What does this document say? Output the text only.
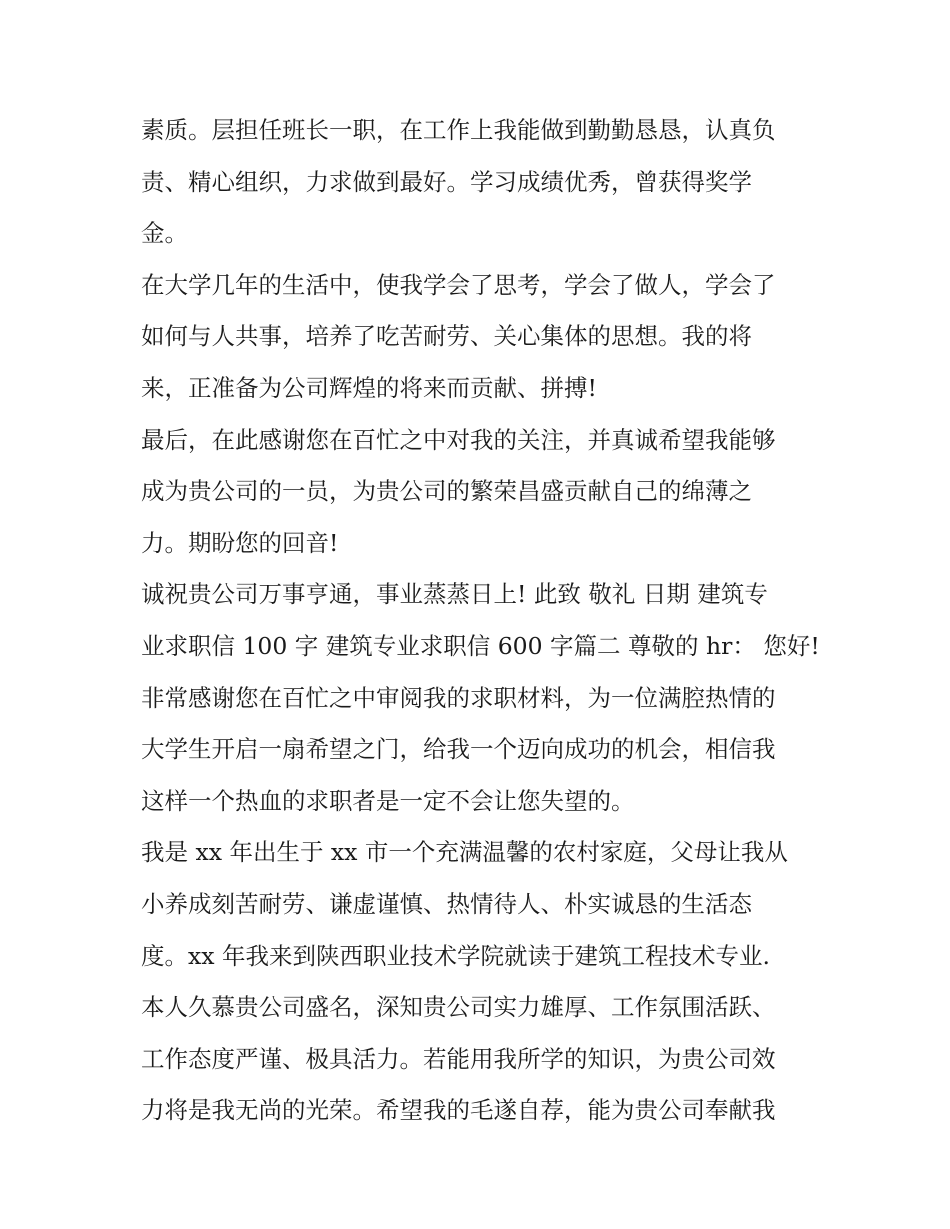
素质。层担任班长一职，在工作上我能做到勤勤恳恳，认真负
责、精心组织，力求做到最好。学习成绩优秀，曾获得奖学
金。
在大学几年的生活中，使我学会了思考，学会了做人，学会了
如何与人共事，培养了吃苦耐劳、关心集体的思想。我的将
来，正准备为公司辉煌的将来而贡献、拼搏!
最后，在此感谢您在百忙之中对我的关注，并真诚希望我能够
成为贵公司的一员，为贵公司的繁荣昌盛贡献自己的绵薄之
力。期盼您的回音!
诚祝贵公司万事亨通，事业蒸蒸日上! 此致 敬礼 日期 建筑专
业求职信 100 字 建筑专业求职信 600 字篇二 尊敬的 hr： 您好!
非常感谢您在百忙之中审阅我的求职材料，为一位满腔热情的
大学生开启一扇希望之门，给我一个迈向成功的机会，相信我
这样一个热血的求职者是一定不会让您失望的。
我是 xx 年出生于 xx 市一个充满温馨的农村家庭，父母让我从
小养成刻苦耐劳、谦虚谨慎、热情待人、朴实诚恳的生活态
度。xx 年我来到陕西职业技术学院就读于建筑工程技术专业.
本人久慕贵公司盛名，深知贵公司实力雄厚、工作氛围活跃、
工作态度严谨、极具活力。若能用我所学的知识，为贵公司效
力将是我无尚的光荣。希望我的毛遂自荐，能为贵公司奉献我
